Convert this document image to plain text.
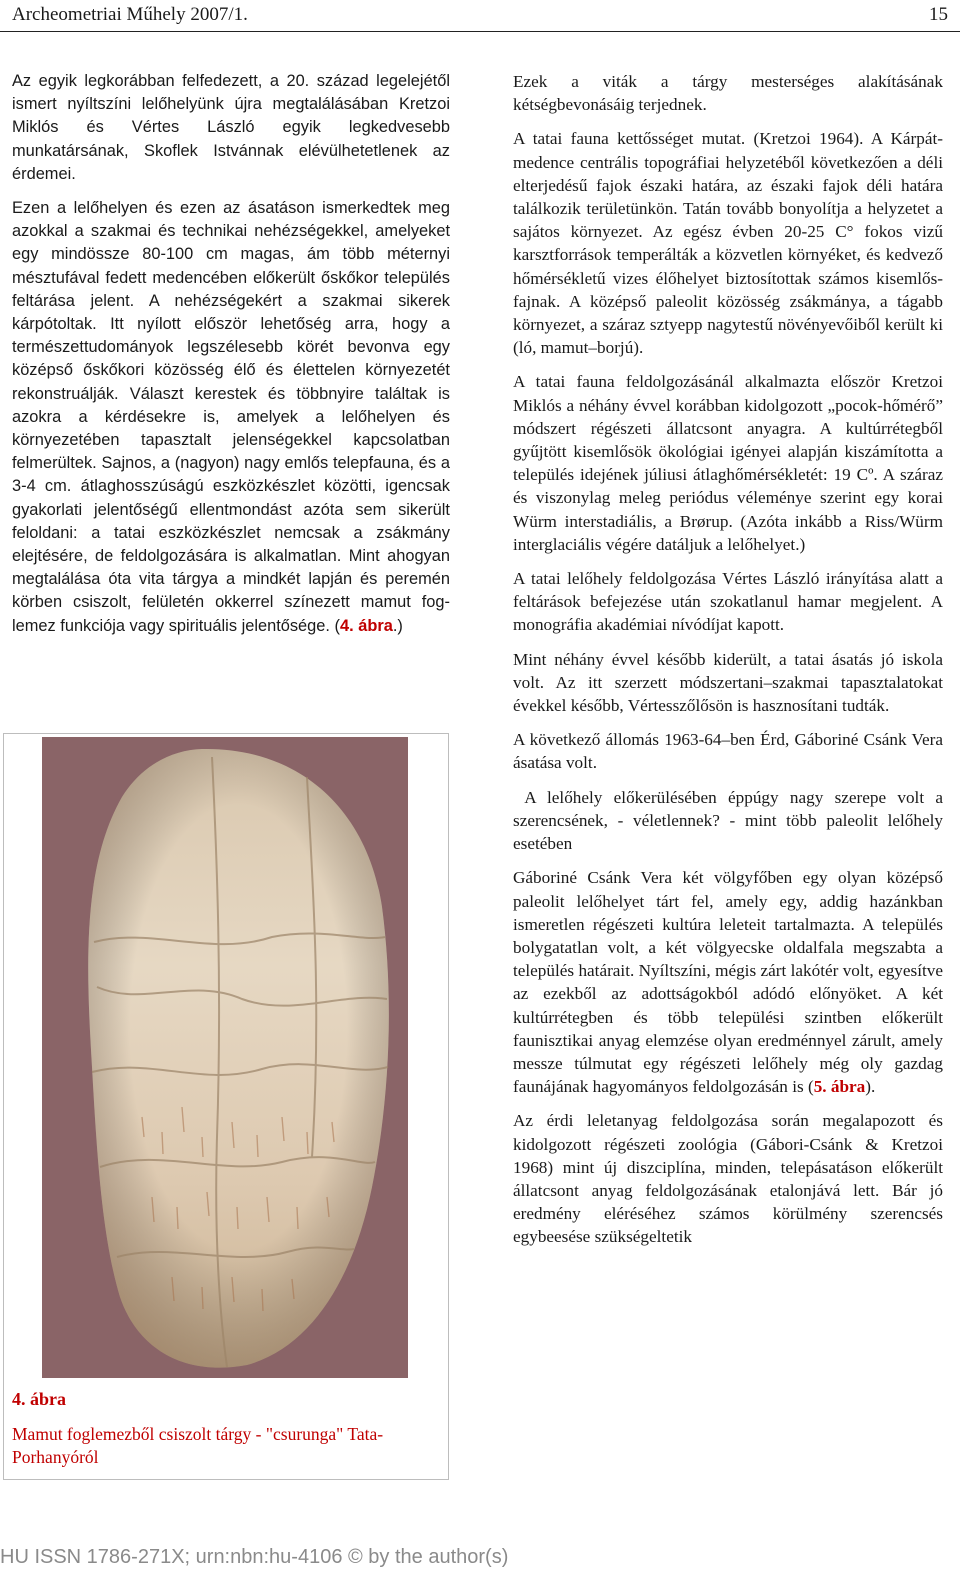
Archeometriai Műhely 2007/1.	15

Az egyik legkorábban felfedezett, a 20. század legelejétől ismert nyíltszíni lelőhelyünk újra megtalálásában Kretzoi Miklós és Vértes László egyik legkedvesebb munkatársának, Skoflek Istvánnak elévülhetetlenek az érdemei.

Ezen a lelőhelyen és ezen az ásatáson ismerkedtek meg azokkal a szakmai és technikai nehézségekkel, amelyeket egy mindössze 80-100 cm magas, ám több méternyi mésztufával fedett medencében előkerült őskőkor település feltárása jelent. A nehézségekért a szakmai sikerek kárpótoltak. Itt nyílott először lehetőség arra, hogy a természettudományok legszélesebb körét bevonva egy középső őskőkori közösség élő és élettelen környezetét rekonstruálják. Választ kerestek és többnyire találtak is azokra a kérdésekre is, amelyek a lelőhelyen és környezetében tapasztalt jelenségekkel kapcsolatban felmerültek. Sajnos, a (nagyon) nagy emlős telepfauna, és a 3-4 cm. átlaghosszúságú eszközkészlet közötti, igencsak gyakorlati jelentőségű ellentmondást azóta sem sikerült feloldani: a tatai eszközkészlet nemcsak a zsákmány elejtésére, de feldolgozására is alkalmatlan. Mint ahogyan megtalálása óta vita tárgya a mindkét lapján és peremén körben csiszolt, felületén okkerrel színezett mamut fog-lemez funkciója vagy spirituális jelentősége. (4. ábra.)

4. ábra
Mamut foglemezből csiszolt tárgy - "csurunga" Tata-Porhanyóról

Ezek a viták a tárgy mesterséges alakításának kétségbevonásáig terjednek.

A tatai fauna kettősséget mutat. (Kretzoi 1964). A Kárpát-medence centrális topográfiai helyzetéből következően a déli elterjedésű fajok északi határa, az északi fajok déli határa találkozik területünkön. Tatán tovább bonyolítja a helyzetet a sajátos környezet. Az egész évben 20-25 C° fokos vizű karsztforrások temperálták a közvetlen környéket, és kedvező hőmérsékletű vizes élőhelyet biztosítottak számos kisemlős-fajnak. A középső paleolit közösség zsákmánya, a tágabb környezet, a száraz sztyepp nagytestű növényevőiből került ki (ló, mamut–borjú).

A tatai fauna feldolgozásánál alkalmazta először Kretzoi Miklós a néhány évvel korábban kidolgozott „pocok-hőmérő” módszert régészeti állatcsont anyagra. A kultúrrétegből gyűjtött kisemlősök ökológiai igényei alapján kiszámította a település idejének júliusi átlaghőmérsékletét: 19 Cº. A száraz és viszonylag meleg periódus véleménye szerint egy korai Würm interstadiális, a Brørup. (Azóta inkább a Riss/Würm interglaciális végére datáljuk a lelőhelyet.)

A tatai lelőhely feldolgozása Vértes László irányítása alatt a feltárások befejezése után szokatlanul hamar megjelent. A monográfia akadémiai nívódíjat kapott.

Mint néhány évvel később kiderült, a tatai ásatás jó iskola volt. Az itt szerzett módszertani–szakmai tapasztalatokat évekkel később, Vértesszőlősön is hasznosítani tudták.

A következő állomás 1963-64–ben Érd, Gáboriné Csánk Vera ásatása volt.

A lelőhely előkerülésében éppúgy nagy szerepe volt a szerencsének, - véletlennek? - mint több paleolit lelőhely esetében

Gáboriné Csánk Vera két völgyfőben egy olyan középső paleolit lelőhelyet tárt fel, amely egy, addig hazánkban ismeretlen régészeti kultúra leleteit tartalmazta. A település bolygatatlan volt, a két völgyecske oldalfala megszabta a település határait. Nyíltszíni, mégis zárt lakótér volt, egyesítve az ezekből az adottságokból adódó előnyöket. A két kultúrrétegben és több települési szintben előkerült faunisztikai anyag elemzése olyan eredménnyel zárult, amely messze túlmutat egy régészeti lelőhely még oly gazdag faunájának hagyományos feldolgozásán is (5. ábra).

Az érdi leletanyag feldolgozása során megalapozott és kidolgozott régészeti zoológia (Gábori-Csánk & Kretzoi 1968) mint új diszciplína, minden, telepásatáson előkerült állatcsont anyag feldolgozásának etalonjává lett. Bár jó eredmény eléréséhez számos körülmény szerencsés egybeesése szükségeltetik

HU ISSN 1786-271X; urn:nbn:hu-4106 © by the author(s)
